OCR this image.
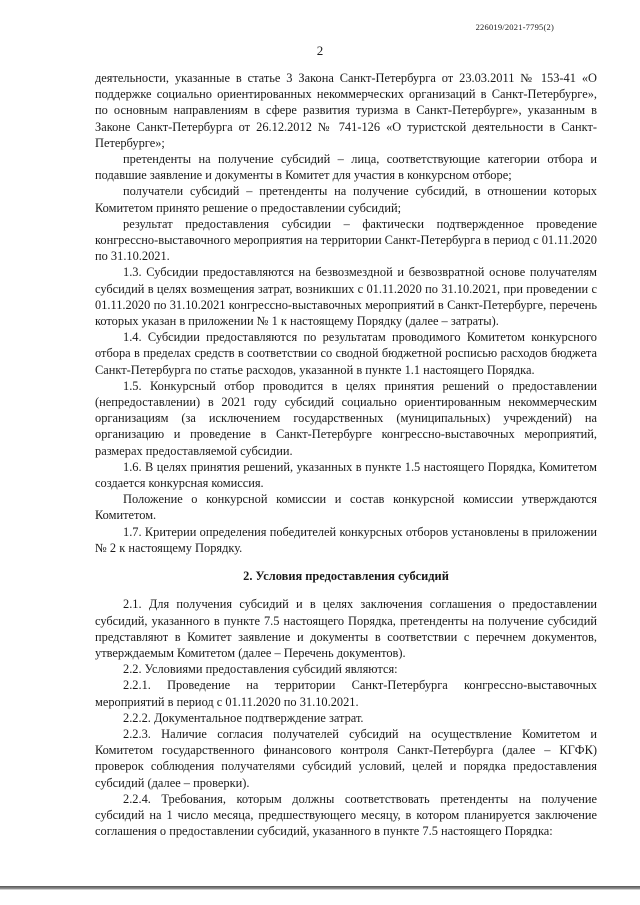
226019/2021-7795(2)
2

деятельности, указанные в статье 3 Закона Санкт-Петербурга от 23.03.2011 № 153-41 «О поддержке социально ориентированных некоммерческих организаций в Санкт-Петербурге», по основным направлениям в сфере развития туризма в Санкт-Петербурге», указанным в Законе Санкт-Петербурга от 26.12.2012 № 741-126 «О туристской деятельности в Санкт-Петербурге»;

претенденты на получение субсидий – лица, соответствующие категории отбора и подавшие заявление и документы в Комитет для участия в конкурсном отборе;

получатели субсидий – претенденты на получение субсидий, в отношении которых Комитетом принято решение о предоставлении субсидий;

результат предоставления субсидии – фактически подтвержденное проведение конгрессно-выставочного мероприятия на территории Санкт-Петербурга в период с 01.11.2020 по 31.10.2021.

1.3. Субсидии предоставляются на безвозмездной и безвозвратной основе получателям субсидий в целях возмещения затрат, возникших с 01.11.2020 по 31.10.2021, при проведении с 01.11.2020 по 31.10.2021 конгрессно-выставочных мероприятий в Санкт-Петербурге, перечень которых указан в приложении № 1 к настоящему Порядку (далее – затраты).

1.4. Субсидии предоставляются по результатам проводимого Комитетом конкурсного отбора в пределах средств в соответствии со сводной бюджетной росписью расходов бюджета Санкт-Петербурга по статье расходов, указанной в пункте 1.1 настоящего Порядка.

1.5. Конкурсный отбор проводится в целях принятия решений о предоставлении (непредоставлении) в 2021 году субсидий социально ориентированным некоммерческим организациям (за исключением государственных (муниципальных) учреждений) на организацию и проведение в Санкт-Петербурге конгрессно-выставочных мероприятий, размерах предоставляемой субсидии.

1.6. В целях принятия решений, указанных в пункте 1.5 настоящего Порядка, Комитетом создается конкурсная комиссия.

Положение о конкурсной комиссии и состав конкурсной комиссии утверждаются Комитетом.

1.7. Критерии определения победителей конкурсных отборов установлены в приложении № 2 к настоящему Порядку.

2. Условия предоставления субсидий

2.1. Для получения субсидий и в целях заключения соглашения о предоставлении субсидий, указанного в пункте 7.5 настоящего Порядка, претенденты на получение субсидий представляют в Комитет заявление и документы в соответствии с перечнем документов, утверждаемым Комитетом (далее – Перечень документов).

2.2. Условиями предоставления субсидий являются:

2.2.1. Проведение на территории Санкт-Петербурга конгрессно-выставочных мероприятий в период с 01.11.2020 по 31.10.2021.

2.2.2. Документальное подтверждение затрат.

2.2.3. Наличие согласия получателей субсидий на осуществление Комитетом и Комитетом государственного финансового контроля Санкт-Петербурга (далее – КГФК) проверок соблюдения получателями субсидий условий, целей и порядка предоставления субсидий (далее – проверки).

2.2.4. Требования, которым должны соответствовать претенденты на получение субсидий на 1 число месяца, предшествующего месяцу, в котором планируется заключение соглашения о предоставлении субсидий, указанного в пункте 7.5 настоящего Порядка:
